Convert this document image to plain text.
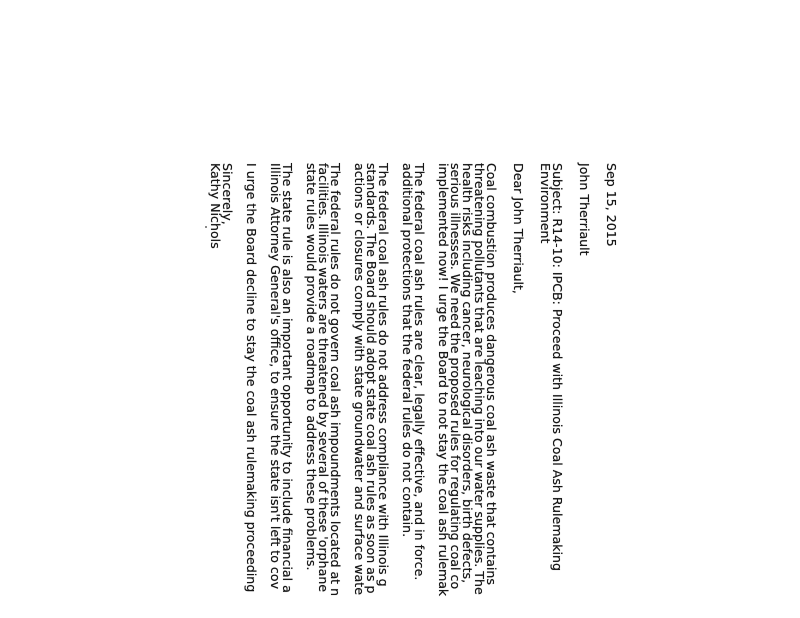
Sep 15, 2015
John Therriault
Subject: R14-10: IPCB: Proceed with Illinois Coal Ash Rulemaking
Environment
Dear John Therriault,
Coal combustion produces dangerous coal ash waste that contains
threatening pollutants that are leaching into our water supplies. The
health risks including cancer, neurological disorders, birth defects,
serious illnesses. We need the proposed rules for regulating coal co
implemented now! I urge the Board to not stay the coal ash rulemak
The federal coal ash rules are clear, legally effective, and in force.
additional protections that the federal rules do not contain.
The federal coal ash rules do not address compliance with Illinois g
standards. The Board should adopt state coal ash rules as soon as p
actions or closures comply with state groundwater and surface wate
The federal rules do not govern coal ash impoundments located at n
facilities. Illinois waters are threatened by several of these 'orphane
state rules would provide a roadmap to address these problems.
The state rule is also an important opportunity to include financial a
Illinois Attorney General's office, to ensure the state isn't left to cov
I urge the Board decline to stay the coal ash rulemaking proceeding
Sincerely,
Kathy Nichols
